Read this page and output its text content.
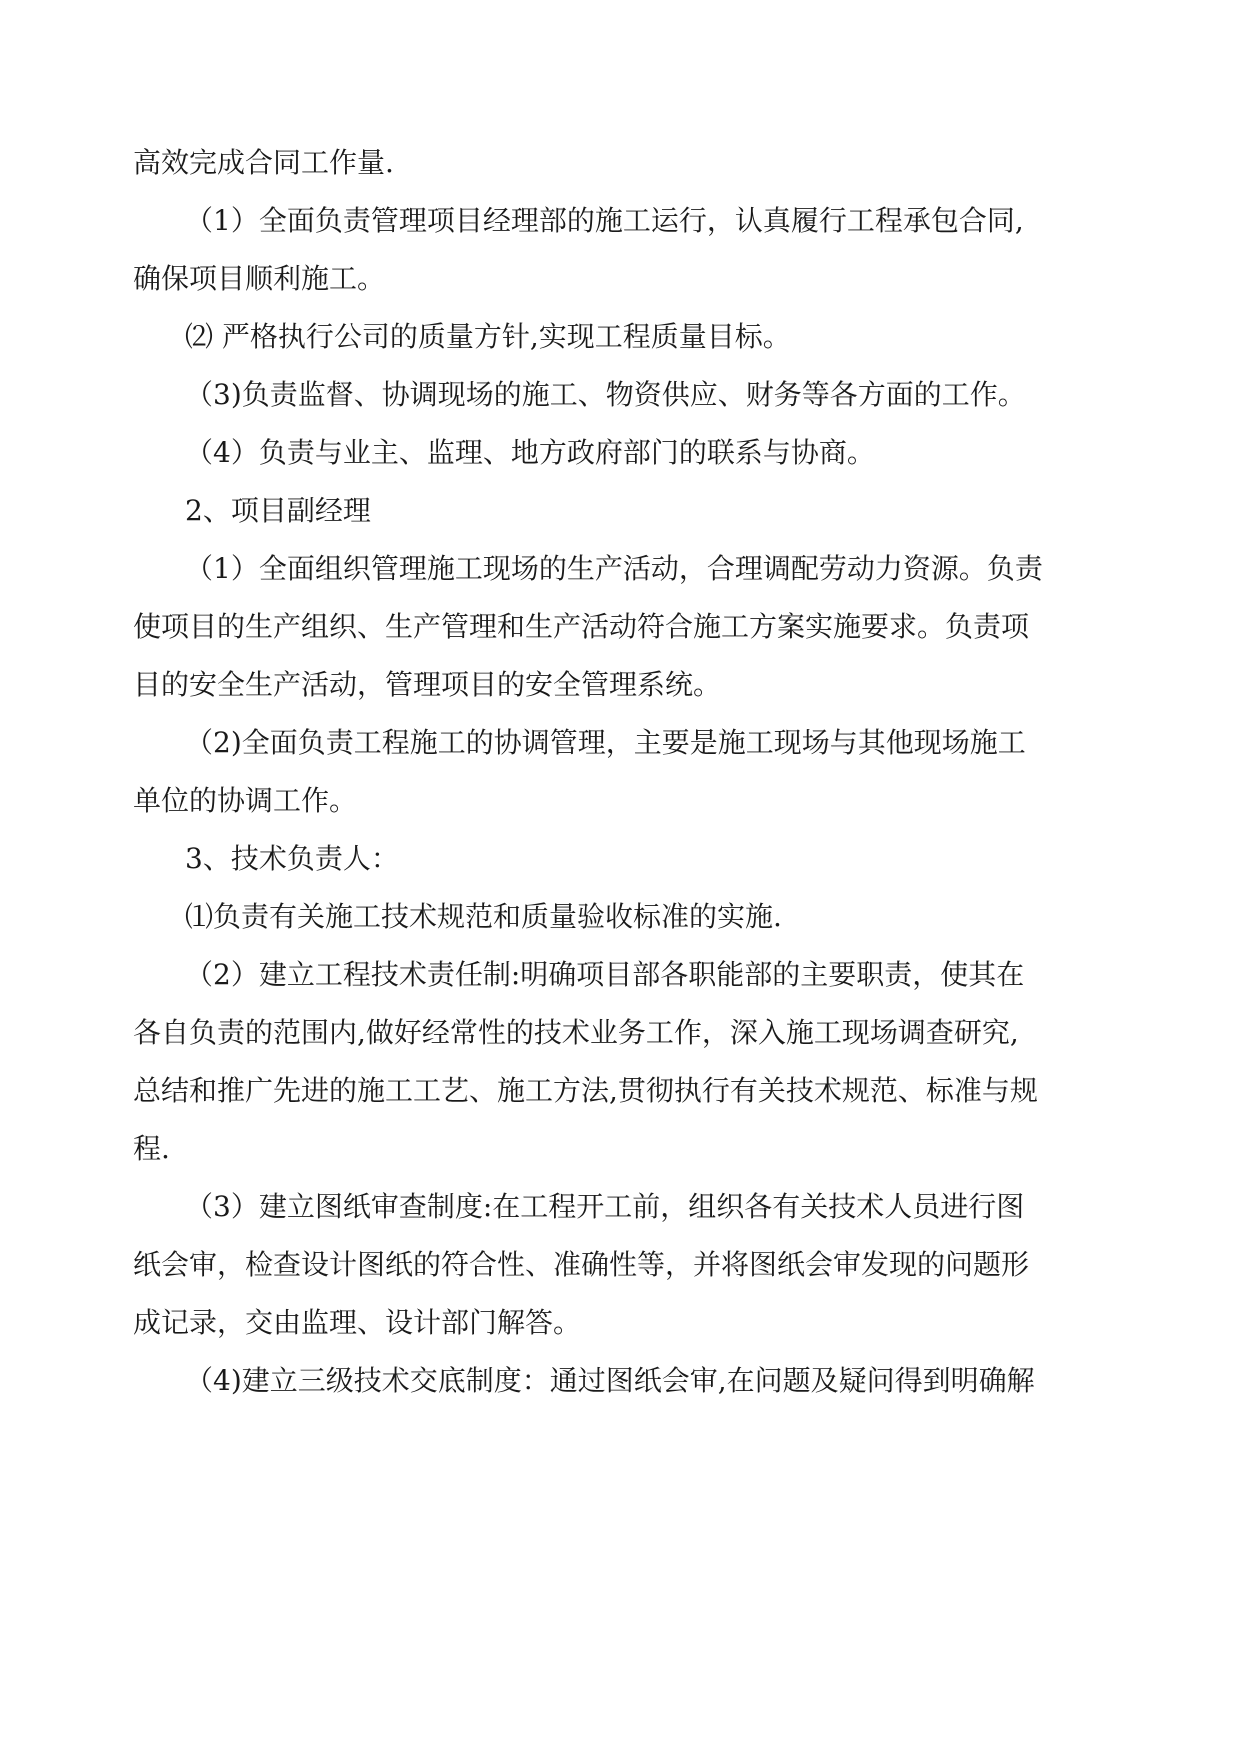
高效完成合同工作量.

（1）全面负责管理项目经理部的施工运行，认真履行工程承包合同,

确保项目顺利施工。

⑵ 严格执行公司的质量方针,实现工程质量目标。

（3)负责监督、协调现场的施工、物资供应、财务等各方面的工作。

（4）负责与业主、监理、地方政府部门的联系与协商。

2、项目副经理

（1）全面组织管理施工现场的生产活动，合理调配劳动力资源。负责

使项目的生产组织、生产管理和生产活动符合施工方案实施要求。负责项

目的安全生产活动，管理项目的安全管理系统。

（2)全面负责工程施工的协调管理，主要是施工现场与其他现场施工

单位的协调工作。

3、技术负责人：

⑴负责有关施工技术规范和质量验收标准的实施.

（2）建立工程技术责任制:明确项目部各职能部的主要职责，使其在

各自负责的范围内,做好经常性的技术业务工作，深入施工现场调查研究,

总结和推广先进的施工工艺、施工方法,贯彻执行有关技术规范、标准与规

程.

（3）建立图纸审查制度:在工程开工前，组织各有关技术人员进行图

纸会审，检查设计图纸的符合性、准确性等，并将图纸会审发现的问题形

成记录，交由监理、设计部门解答。

（4)建立三级技术交底制度：通过图纸会审,在问题及疑问得到明确解
